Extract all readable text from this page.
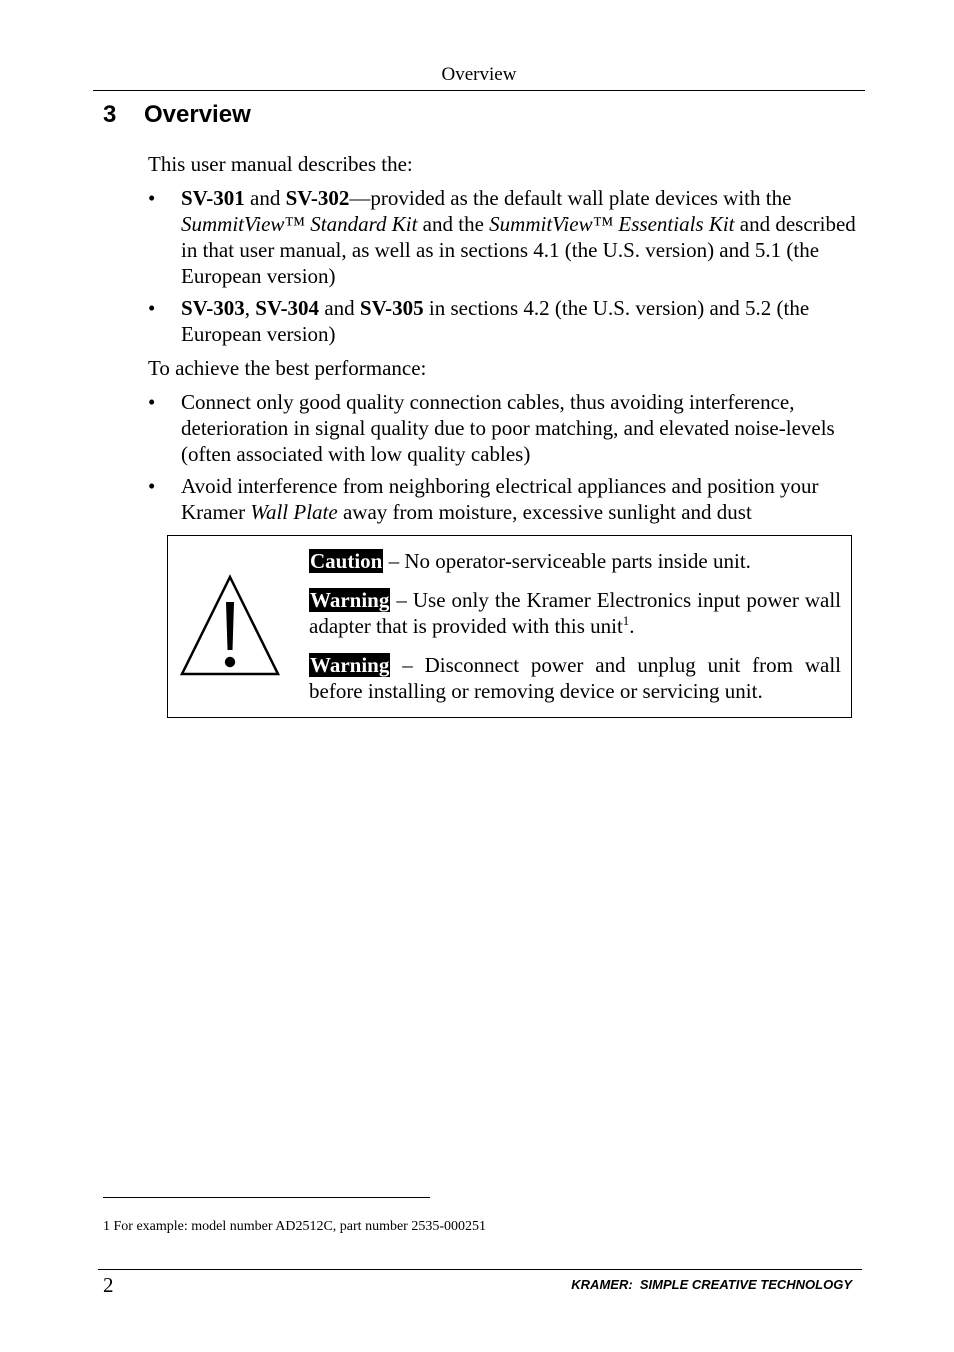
Overview
3 Overview

This user manual describes the:

•	SV-301 and SV-302—provided as the default wall plate devices with the SummitView™ Standard Kit and the SummitView™ Essentials Kit and described in that user manual, as well as in sections 4.1 (the U.S. version) and 5.1 (the European version)
•	SV-303, SV-304 and SV-305 in sections 4.2 (the U.S. version) and 5.2 (the European version)

To achieve the best performance:

•	Connect only good quality connection cables, thus avoiding interference, deterioration in signal quality due to poor matching, and elevated noise-levels (often associated with low quality cables)
•	Avoid interference from neighboring electrical appliances and position your Kramer Wall Plate away from moisture, excessive sunlight and dust

Caution – No operator-serviceable parts inside unit.

Warning – Use only the Kramer Electronics input power wall adapter that is provided with this unit$^1$.

Warning – Disconnect power and unplug unit from wall before installing or removing device or servicing unit.

1 For example: model number AD2512C, part number 2535-000251
2	KRAMER:  SIMPLE CREATIVE TECHNOLOGY
